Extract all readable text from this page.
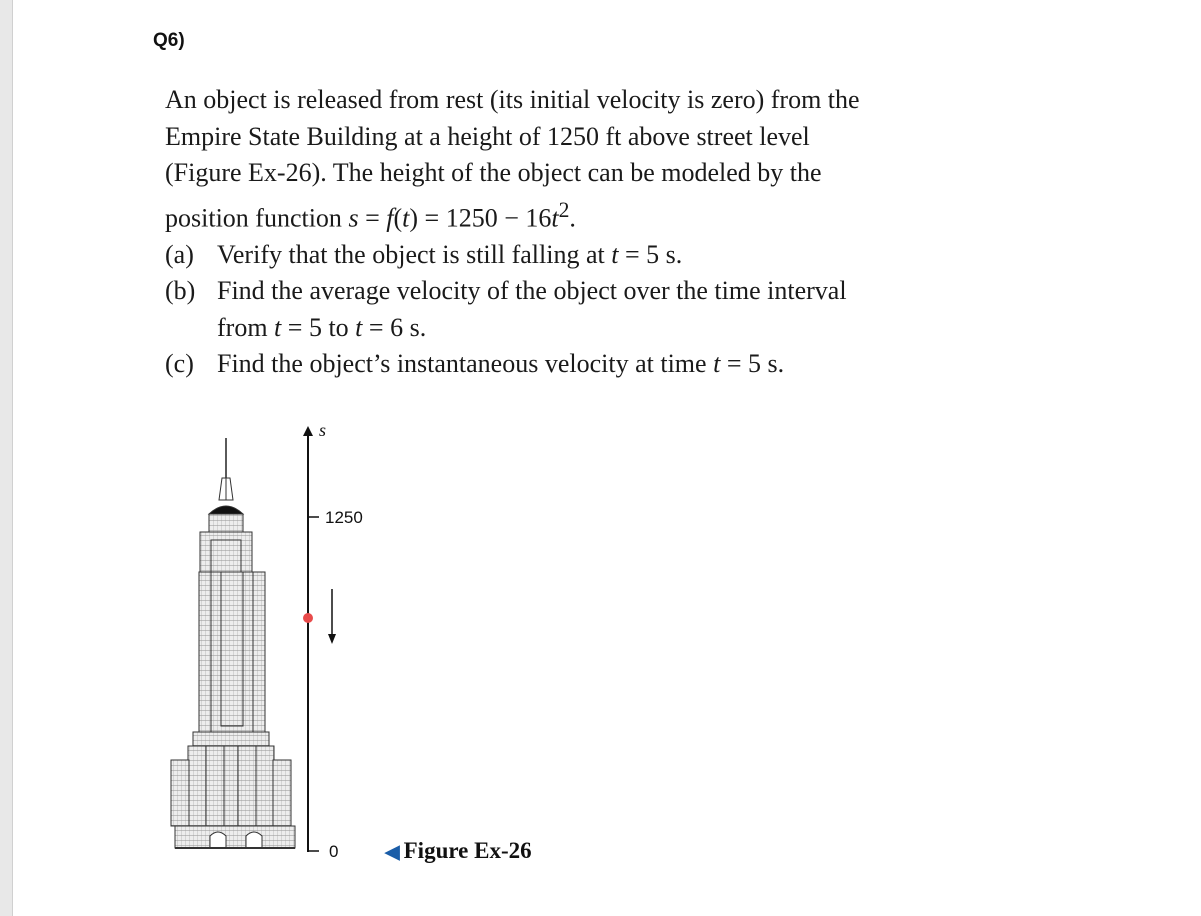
Q6)

An object is released from rest (its initial velocity is zero) from the Empire State Building at a height of 1250 ft above street level (Figure Ex-26). The height of the object can be modeled by the position function $s = f(t) = 1250 - 16t^2$.

(a) Verify that the object is still falling at t = 5 s.

(b) Find the average velocity of the object over the time interval from t = 5 to t = 6 s.

(c) Find the object’s instantaneous velocity at time t = 5 s.

s
1250
0 ◀ Figure Ex-26
